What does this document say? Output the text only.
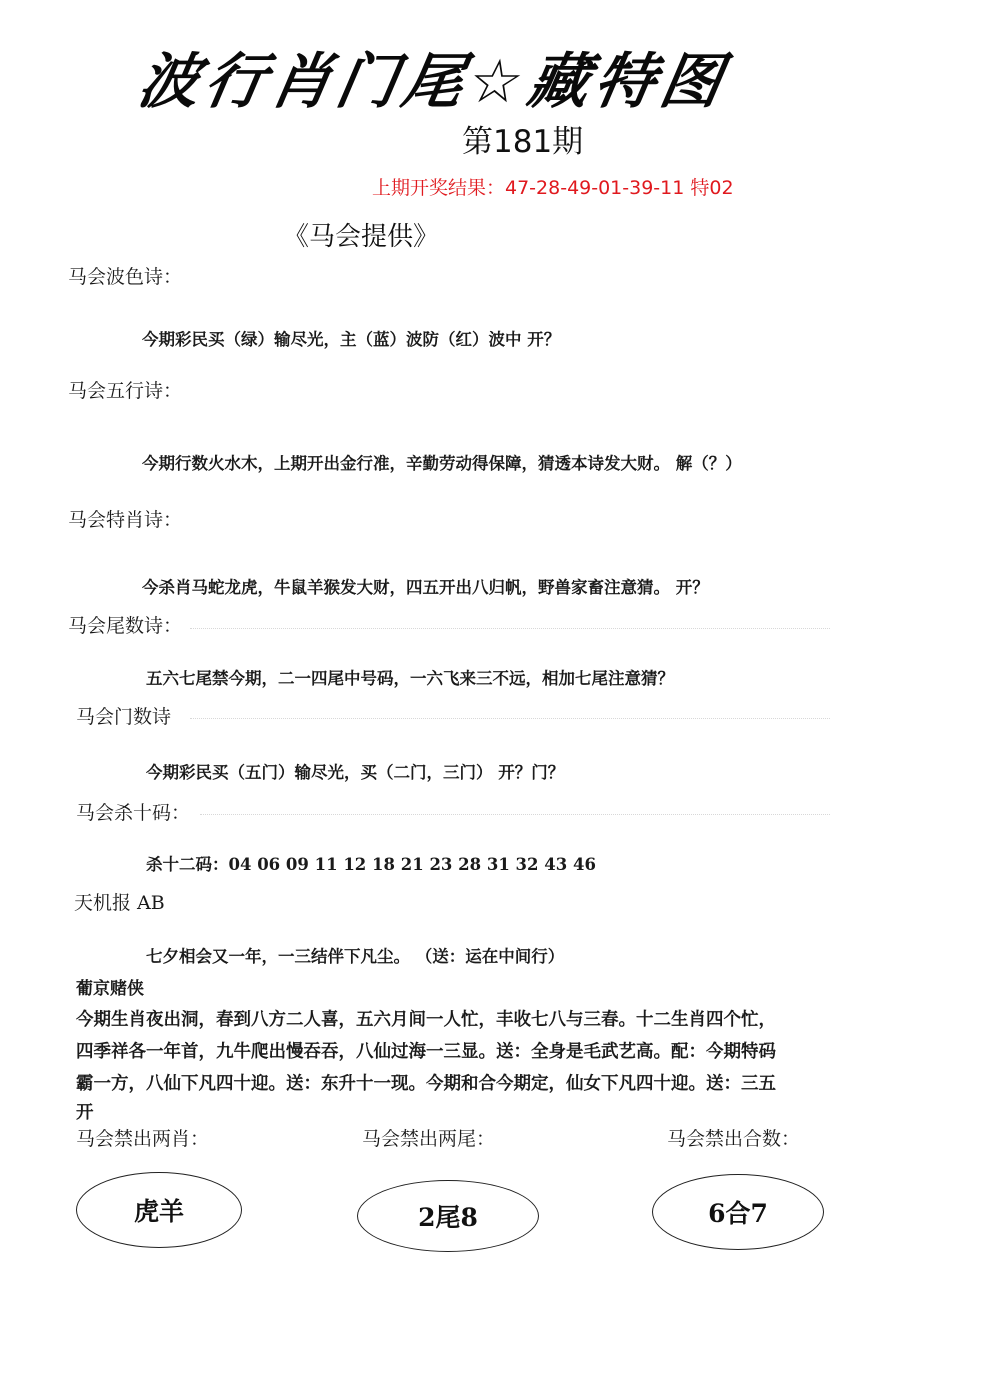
波行肖门尾☆藏特图
第181期
上期开奖结果：47-28-49-01-39-11 特02
《马会提供》
马会波色诗：
今期彩民买（绿）输尽光，主（蓝）波防（红）波中 开？
马会五行诗：
今期行数火水木，上期开出金行准，辛勤劳动得保障，猜透本诗发大财。 解（？）
马会特肖诗：
今杀肖马蛇龙虎，牛鼠羊猴发大财，四五开出八归帆，野兽家畜注意猜。 开？
马会尾数诗：
五六七尾禁今期，二一四尾中号码，一六飞来三不远，相加七尾注意猜？
马会门数诗
今期彩民买（五门）输尽光，买（二门，三门） 开？门？
马会杀十码：
杀十二码：04 06 09 11 12 18 21 23 28 31 32 43 46
天机报 AB
七夕相会又一年，一三结伴下凡尘。 （送：运在中间行）
葡京赌侠
今期生肖夜出洞，春到八方二人喜，五六月间一人忙，丰收七八与三春。十二生肖四个忙，
四季祥各一年首，九牛爬出慢吞吞，八仙过海一三显。送：全身是毛武艺高。配：今期特码
霸一方，八仙下凡四十迎。送：东升十一现。今期和合今期定，仙女下凡四十迎。送：三五
开
马会禁出两肖：	马会禁出两尾：	马会禁出合数：
虎羊	2尾8	6合7
